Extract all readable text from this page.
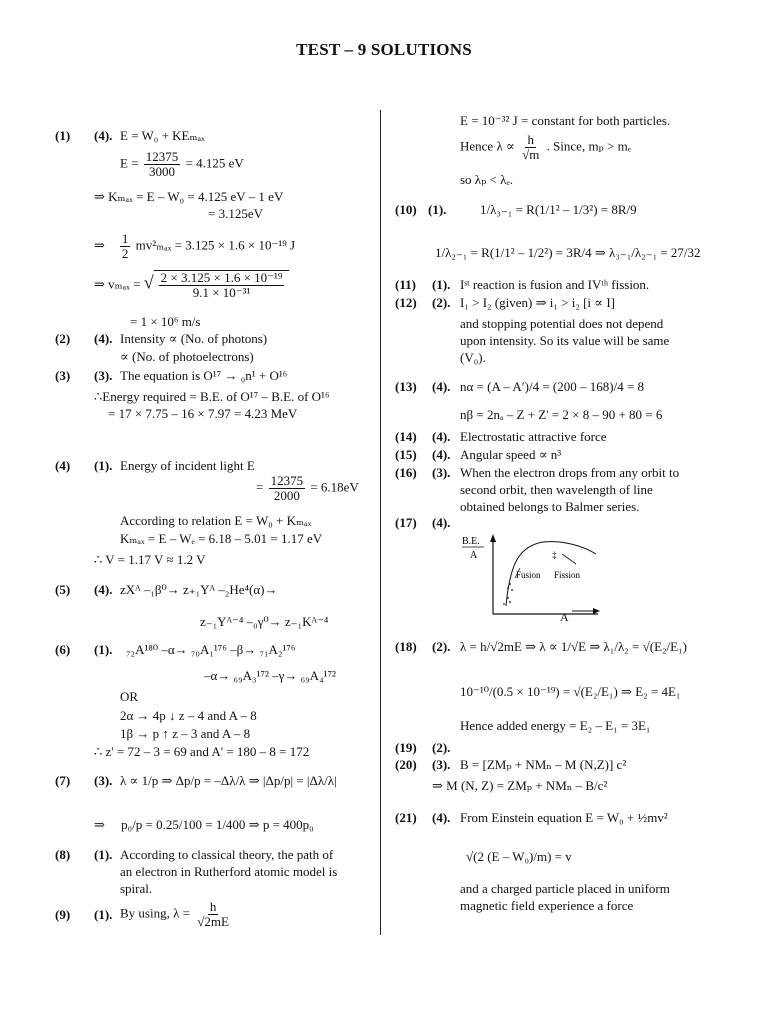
TEST – 9 SOLUTIONS
(1) (4). E = W₀ + KEₘₐₓ
$E = \frac{12375}{3000} = 4.125$ eV
⇒ Kₘₐₓ = E – W₀ = 4.125 eV – 1 eV
= 3.125eV
⇒ $\frac{1}{2} mv^2_{max} = 3.125 \times 1.6 \times 10^{-19}$ J
⇒ vₘₐₓ = √ $\frac{\text{2 × 3.125 × 1.6 × 10⁻¹⁹}}{\text{9.1 × 10⁻³¹}}$
= 1 × 10⁶ m/s
(2) (4). Intensity ∝ (No. of photons)
∝ (No. of photoelectrons)
(3) (3). The equation is O¹⁷ → ₀n¹ + O¹⁶
∴Energy required = B.E. of O¹⁷ – B.E. of O¹⁶
= 17 × 7.75 – 16 × 7.97 = 4.23 MeV
(4) (1). Energy of incident light E
= $\frac{12375}{2000} = 6.18eV$
According to relation E = W₀ + Kₘₐₓ
Kₘₐₓ = E – Wₑ = 6.18 – 5.01 = 1.17 eV
∴ V = 1.17 V ≈ 1.2 V
(5) (4). ᴢXᴬ –₁β⁰→ ᴢ₊₁Yᴬ –₂He⁴(α)→
ᴢ₋₁Yᴬ⁻⁴ –₀γ⁰→ ᴢ₋₁Kᴬ⁻⁴
(6) (1). ₇₂A¹⁸⁰ –α→ ₇₀A₁¹⁷⁶ –β→ ₇₁A₂¹⁷⁶
–α→ ₆₉A₃¹⁷² –γ→ ₆₉A₄¹⁷²
OR
2α → 4p ↓ z – 4 and A – 8
1β → p ↑ z – 3 and A – 8
∴ z' = 72 – 3 = 69 and A' = 180 – 8 = 172
(7) (3). λ ∝ 1/p ⇒ Δp/p = –Δλ/λ ⇒ |Δp/p| = |Δλ/λ|
⇒ p₀/p = 0.25/100 = 1/400 ⇒ p = 400p₀
(8) (1). According to classical theory, the path of
an electron in Rutherford atomic model is
spiral.
(9) (1). By using, $\lambda = \frac{h}{√2mE}$
E = 10⁻³² J = constant for both particles.
Hence $\lambda \propto \frac{h}{√m}$ . Since, mₚ > mₑ
so λₚ < λₑ.
(10) (1).	1/λ₃₋₁ = R(1/1² – 1/3²) = 8R/9
1/λ₂₋₁ = R(1/1² – 1/2²) = 3R/4 ⇒ λ₃₋₁/λ₂₋₁ = 27/32
(11) (1). Iˢᵗ reaction is fusion and IVᵗʰ fission.
(12) (2). I₁ > I₂ (given) ⇒ i₁ > i₂ [i ∝ I]
and stopping potential does not depend
upon intensity. So its value will be same
(V₀).
(13) (4). nα = (A – A′)/4 = (200 – 168)/4 = 8
nβ = 2nₐ – Z + Z' = 2 × 8 – 90 + 80 = 6
(14) (4). Electrostatic attractive force
(15) (4). Angular speed ∝ n³
(16) (3). When the electron drops from any orbit to
second orbit, then wavelength of line
obtained belongs to Balmer series.
(17) (4).
B.E.
A
Fusion
‡
Fission
A
(18) (2). λ = h/√2mE ⇒ λ ∝ 1/√E ⇒ λ₁/λ₂ = √(E₂/E₁)
10⁻¹⁰/(0.5 × 10⁻¹⁹) = √(E₂/E₁) ⇒ E₂ = 4E₁
Hence added energy = E₂ – E₁ = 3E₁
(19) (2).
(20) (3). B = [ZMₚ + NMₙ – M (N,Z)] c²
⇒ M (N, Z) = ZMₚ + NMₙ – B/c²
(21) (4). From Einstein equation E = W₀ + ½mv²
√(2 (E – W₀)/m) = v
and a charged particle placed in uniform
magnetic field experience a force
